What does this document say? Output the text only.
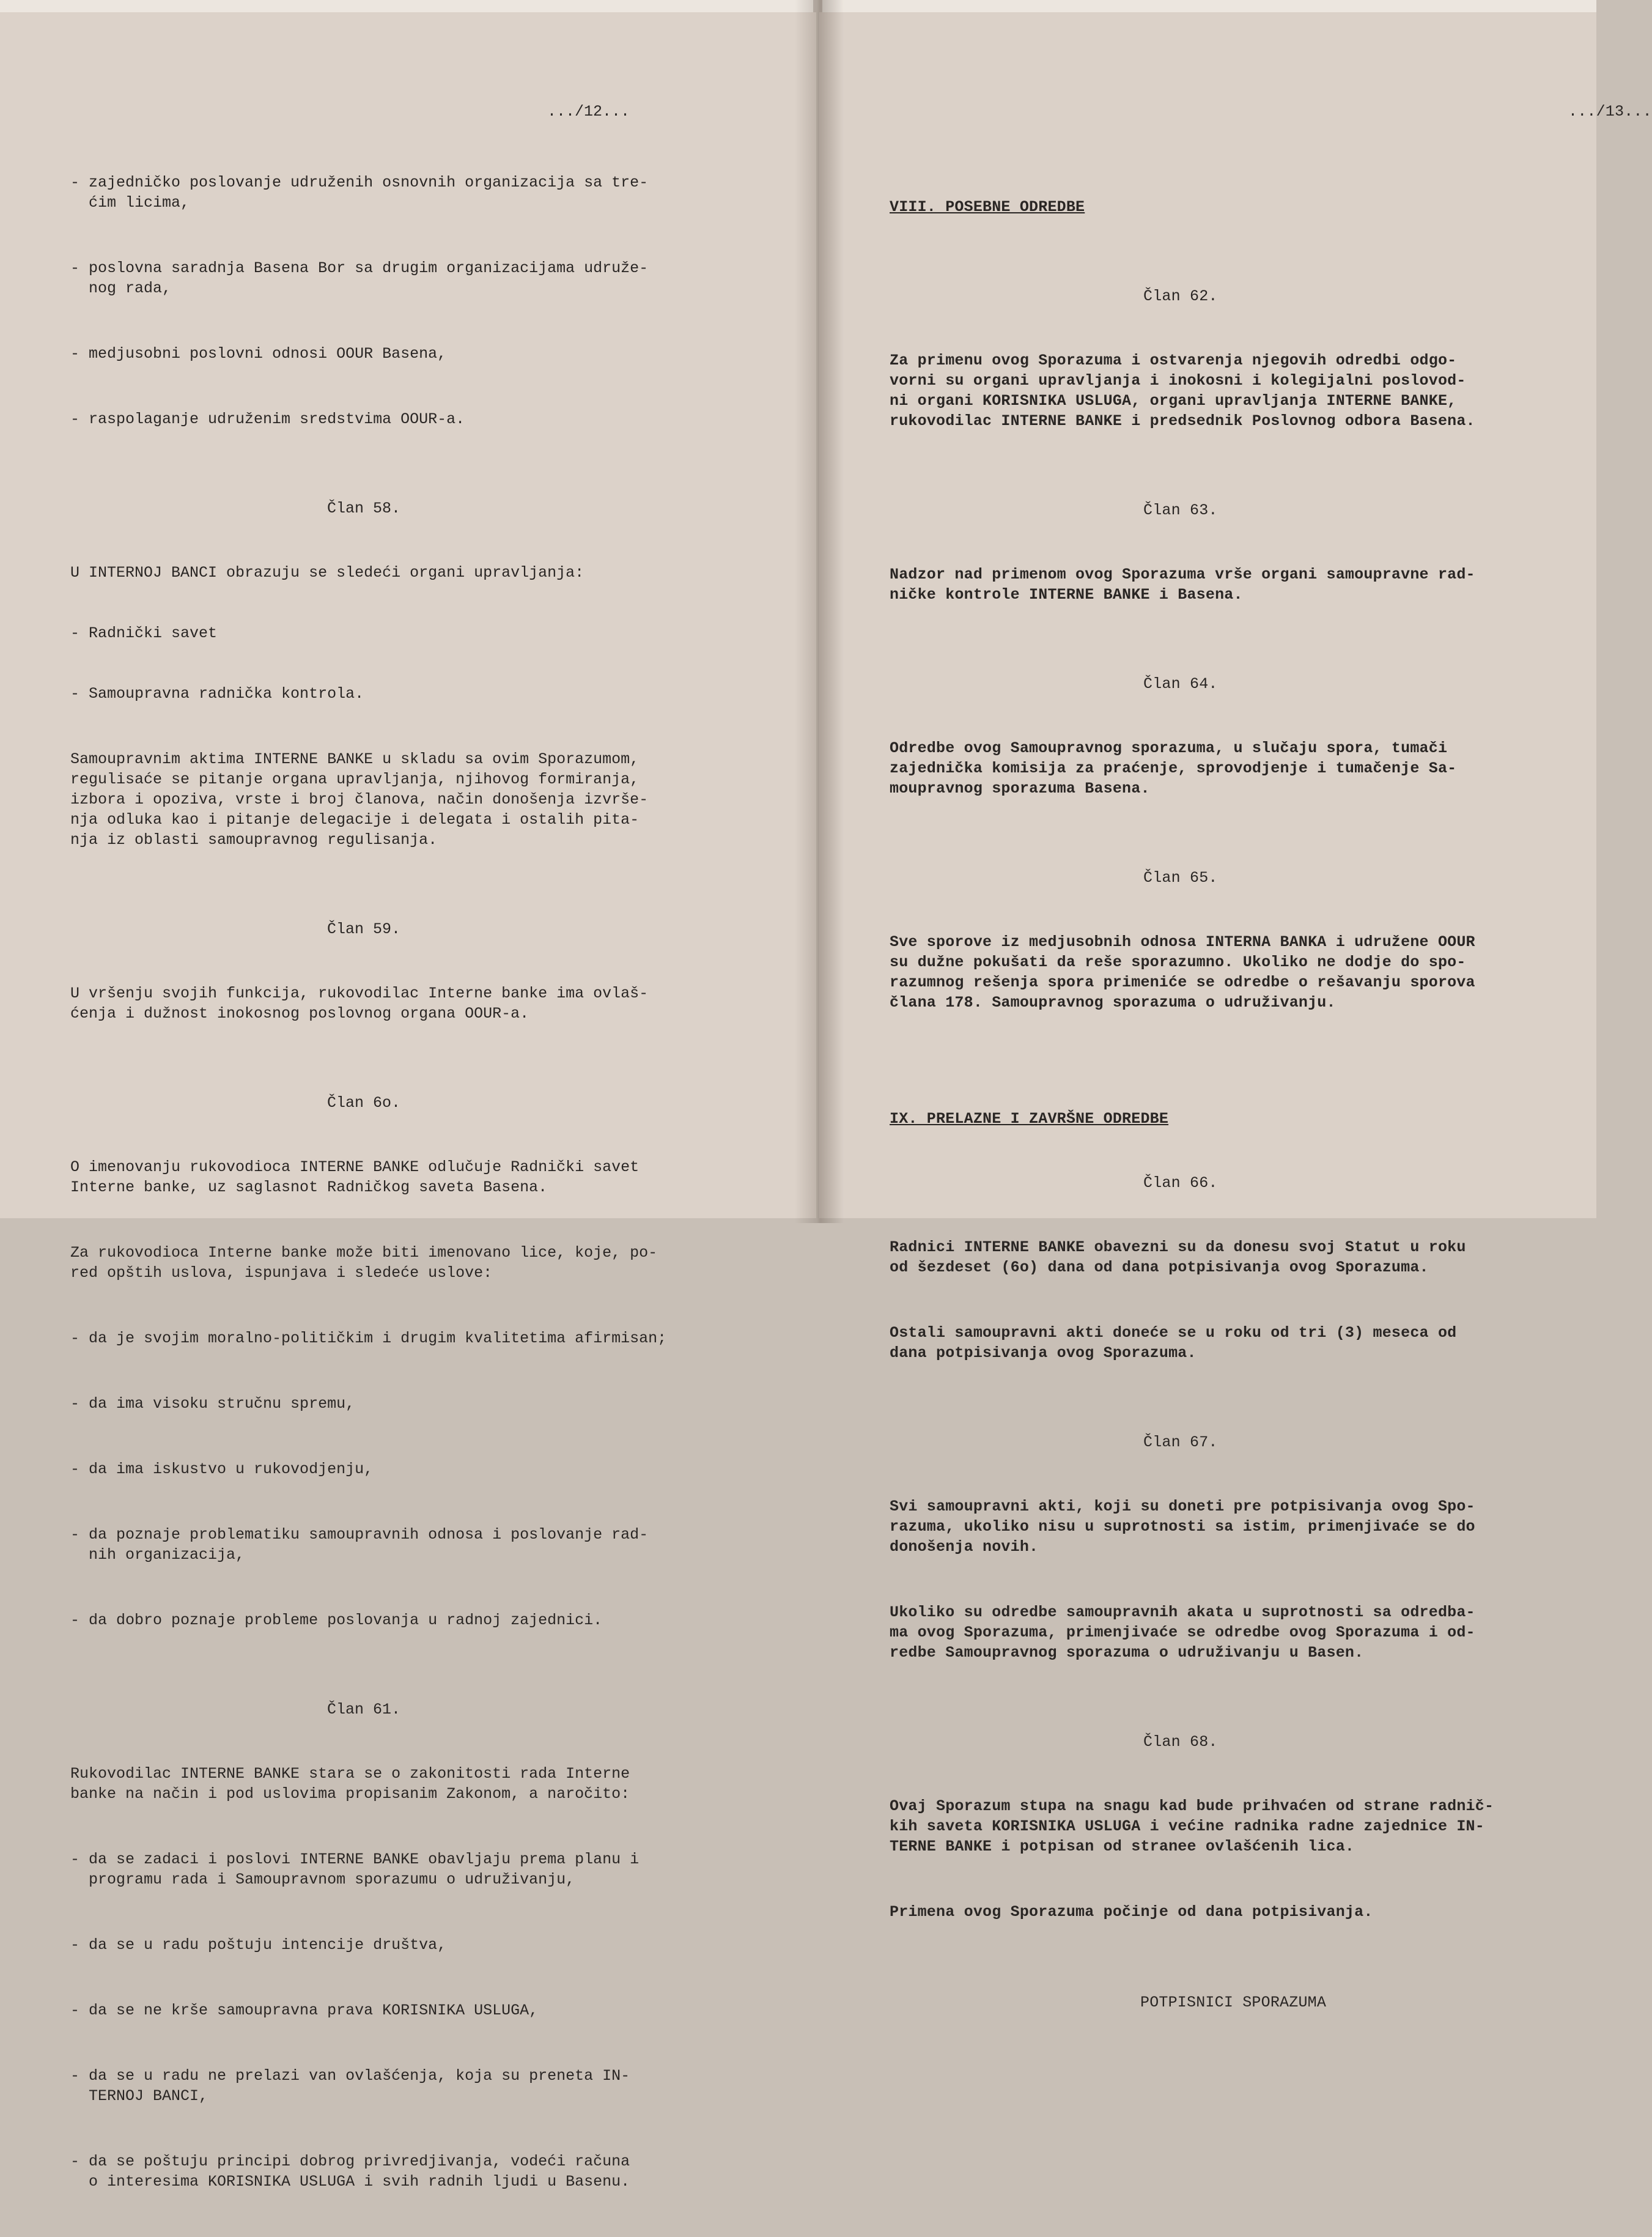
.../12...

- zajedničko poslovanje udruženih osnovnih organizacija sa tre-
ćim licima,

- poslovna saradnja Basena Bor sa drugim organizacijama udruže-
nog rada,

- medjusobni poslovni odnosi OOUR Basena,

- raspolaganje udruženim sredstvima OOUR-a.

Član 58.

U INTERNOJ BANCI obrazuju se sledeći organi upravljanja:

- Radnički savet

- Samoupravna radnička kontrola.

Samoupravnim aktima INTERNE BANKE u skladu sa ovim Sporazumom,
regulisaće se pitanje organa upravljanja, njihovog formiranja,
izbora i opoziva, vrste i broj članova, način donošenja izvrše-
nja odluka kao i pitanje delegacije i delegata i ostalih pita-
nja iz oblasti samoupravnog regulisanja.

Član 59.

U vršenju svojih funkcija, rukovodilac Interne banke ima ovlaš-
ćenja i dužnost inokosnog poslovnog organa OOUR-a.

Član 6o.

O imenovanju rukovodioca INTERNE BANKE odlučuje Radnički savet
Interne banke, uz saglasnot Radničkog saveta Basena.

Za rukovodioca Interne banke može biti imenovano lice, koje, po-
red opštih uslova, ispunjava i sledeće uslove:

- da je svojim moralno-političkim i drugim kvalitetima afirmisan;

- da ima visoku stručnu spremu,

- da ima iskustvo u rukovodjenju,

- da poznaje problematiku samoupravnih odnosa i poslovanje rad-
nih organizacija,

- da dobro poznaje probleme poslovanja u radnoj zajednici.

Član 61.

Rukovodilac INTERNE BANKE stara se o zakonitosti rada Interne
banke na način i pod uslovima propisanim Zakonom, a naročito:

- da se zadaci i poslovi INTERNE BANKE obavljaju prema planu i
programu rada i Samoupravnom sporazumu o udruživanju,

- da se u radu poštuju intencije društva,

- da se ne krše samoupravna prava KORISNIKA USLUGA,

- da se u radu ne prelazi van ovlašćenja, koja su preneta IN-
TERNOJ BANCI,

- da se poštuju principi dobrog privredjivanja, vodeći računa
o interesima KORISNIKA USLUGA i svih radnih ljudi u Basenu.

.../13...

VIII. POSEBNE ODREDBE

Član 62.

Za primenu ovog Sporazuma i ostvarenja njegovih odredbi odgo-
vorni su organi upravljanja i inokosni i kolegijalni poslovod-
ni organi KORISNIKA USLUGA, organi upravljanja INTERNE BANKE,
rukovodilac INTERNE BANKE i predsednik Poslovnog odbora Basena.

Član 63.

Nadzor nad primenom ovog Sporazuma vrše organi samoupravne rad-
ničke kontrole INTERNE BANKE i Basena.

Član 64.

Odredbe ovog Samoupravnog sporazuma, u slučaju spora, tumači
zajednička komisija za praćenje, sprovodjenje i tumačenje Sa-
moupravnog sporazuma Basena.

Član 65.

Sve sporove iz medjusobnih odnosa INTERNA BANKA i udružene OOUR
su dužne pokušati da reše sporazumno. Ukoliko ne dodje do spo-
razumnog rešenja spora primeniće se odredbe o rešavanju sporova
člana 178. Samoupravnog sporazuma o udruživanju.

IX. PRELAZNE I ZAVRŠNE ODREDBE

Član 66.

Radnici INTERNE BANKE obavezni su da donesu svoj Statut u roku
od šezdeset (6o) dana od dana potpisivanja ovog Sporazuma.

Ostali samoupravni akti doneće se u roku od tri (3) meseca od
dana potpisivanja ovog Sporazuma.

Član 67.

Svi samoupravni akti, koji su doneti pre potpisivanja ovog Spo-
razuma, ukoliko nisu u suprotnosti sa istim, primenjivaće se do
donošenja novih.

Ukoliko su odredbe samoupravnih akata u suprotnosti sa odredba-
ma ovog Sporazuma, primenjivaće se odredbe ovog Sporazuma i od-
redbe Samoupravnog sporazuma o udruživanju u Basen.

Član 68.

Ovaj Sporazum stupa na snagu kad bude prihvaćen od strane radnič-
kih saveta KORISNIKA USLUGA i većine radnika radne zajednice IN-
TERNE BANKE i potpisan od stranee ovlašćenih lica.

Primena ovog Sporazuma počinje od dana potpisivanja.

POTPISNICI SPORAZUMA
